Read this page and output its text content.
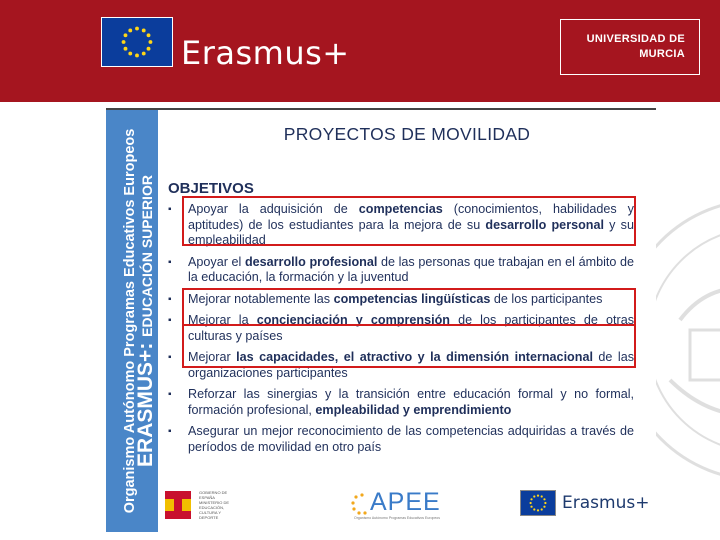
Erasmus+	UNIVERSIDAD DE
MURCIA
Organismo Autónomo Programas Educativos Europeos
ERASMUS+: EDUCACIÓN SUPERIOR
PROYECTOS DE MOVILIDAD
OBJETIVOS
▪ Apoyar la adquisición de competencias (conocimientos, habilidades y aptitudes) de los estudiantes para la mejora de su desarrollo personal y su empleabilidad
▪ Apoyar el desarrollo profesional de las personas que trabajan en el ámbito de la educación, la formación y la juventud
▪ Mejorar notablemente las competencias lingüísticas de los participantes
▪ Mejorar la concienciación y comprensión de los participantes de otras culturas y países
▪ Mejorar las capacidades, el atractivo y la dimensión internacional de las organizaciones participantes
▪ Reforzar las sinergias y la transición entre educación formal y no formal, formación profesional, empleabilidad y emprendimiento
▪ Asegurar un mejor reconocimiento de las competencias adquiridas a través de períodos de movilidad en otro país
GOBIERNO DE ESPAÑA MINISTERIO DE EDUCACIÓN, CULTURA Y DEPORTE
APEE
Organismo Autónomo Programas Educativos Europeos
Erasmus+
